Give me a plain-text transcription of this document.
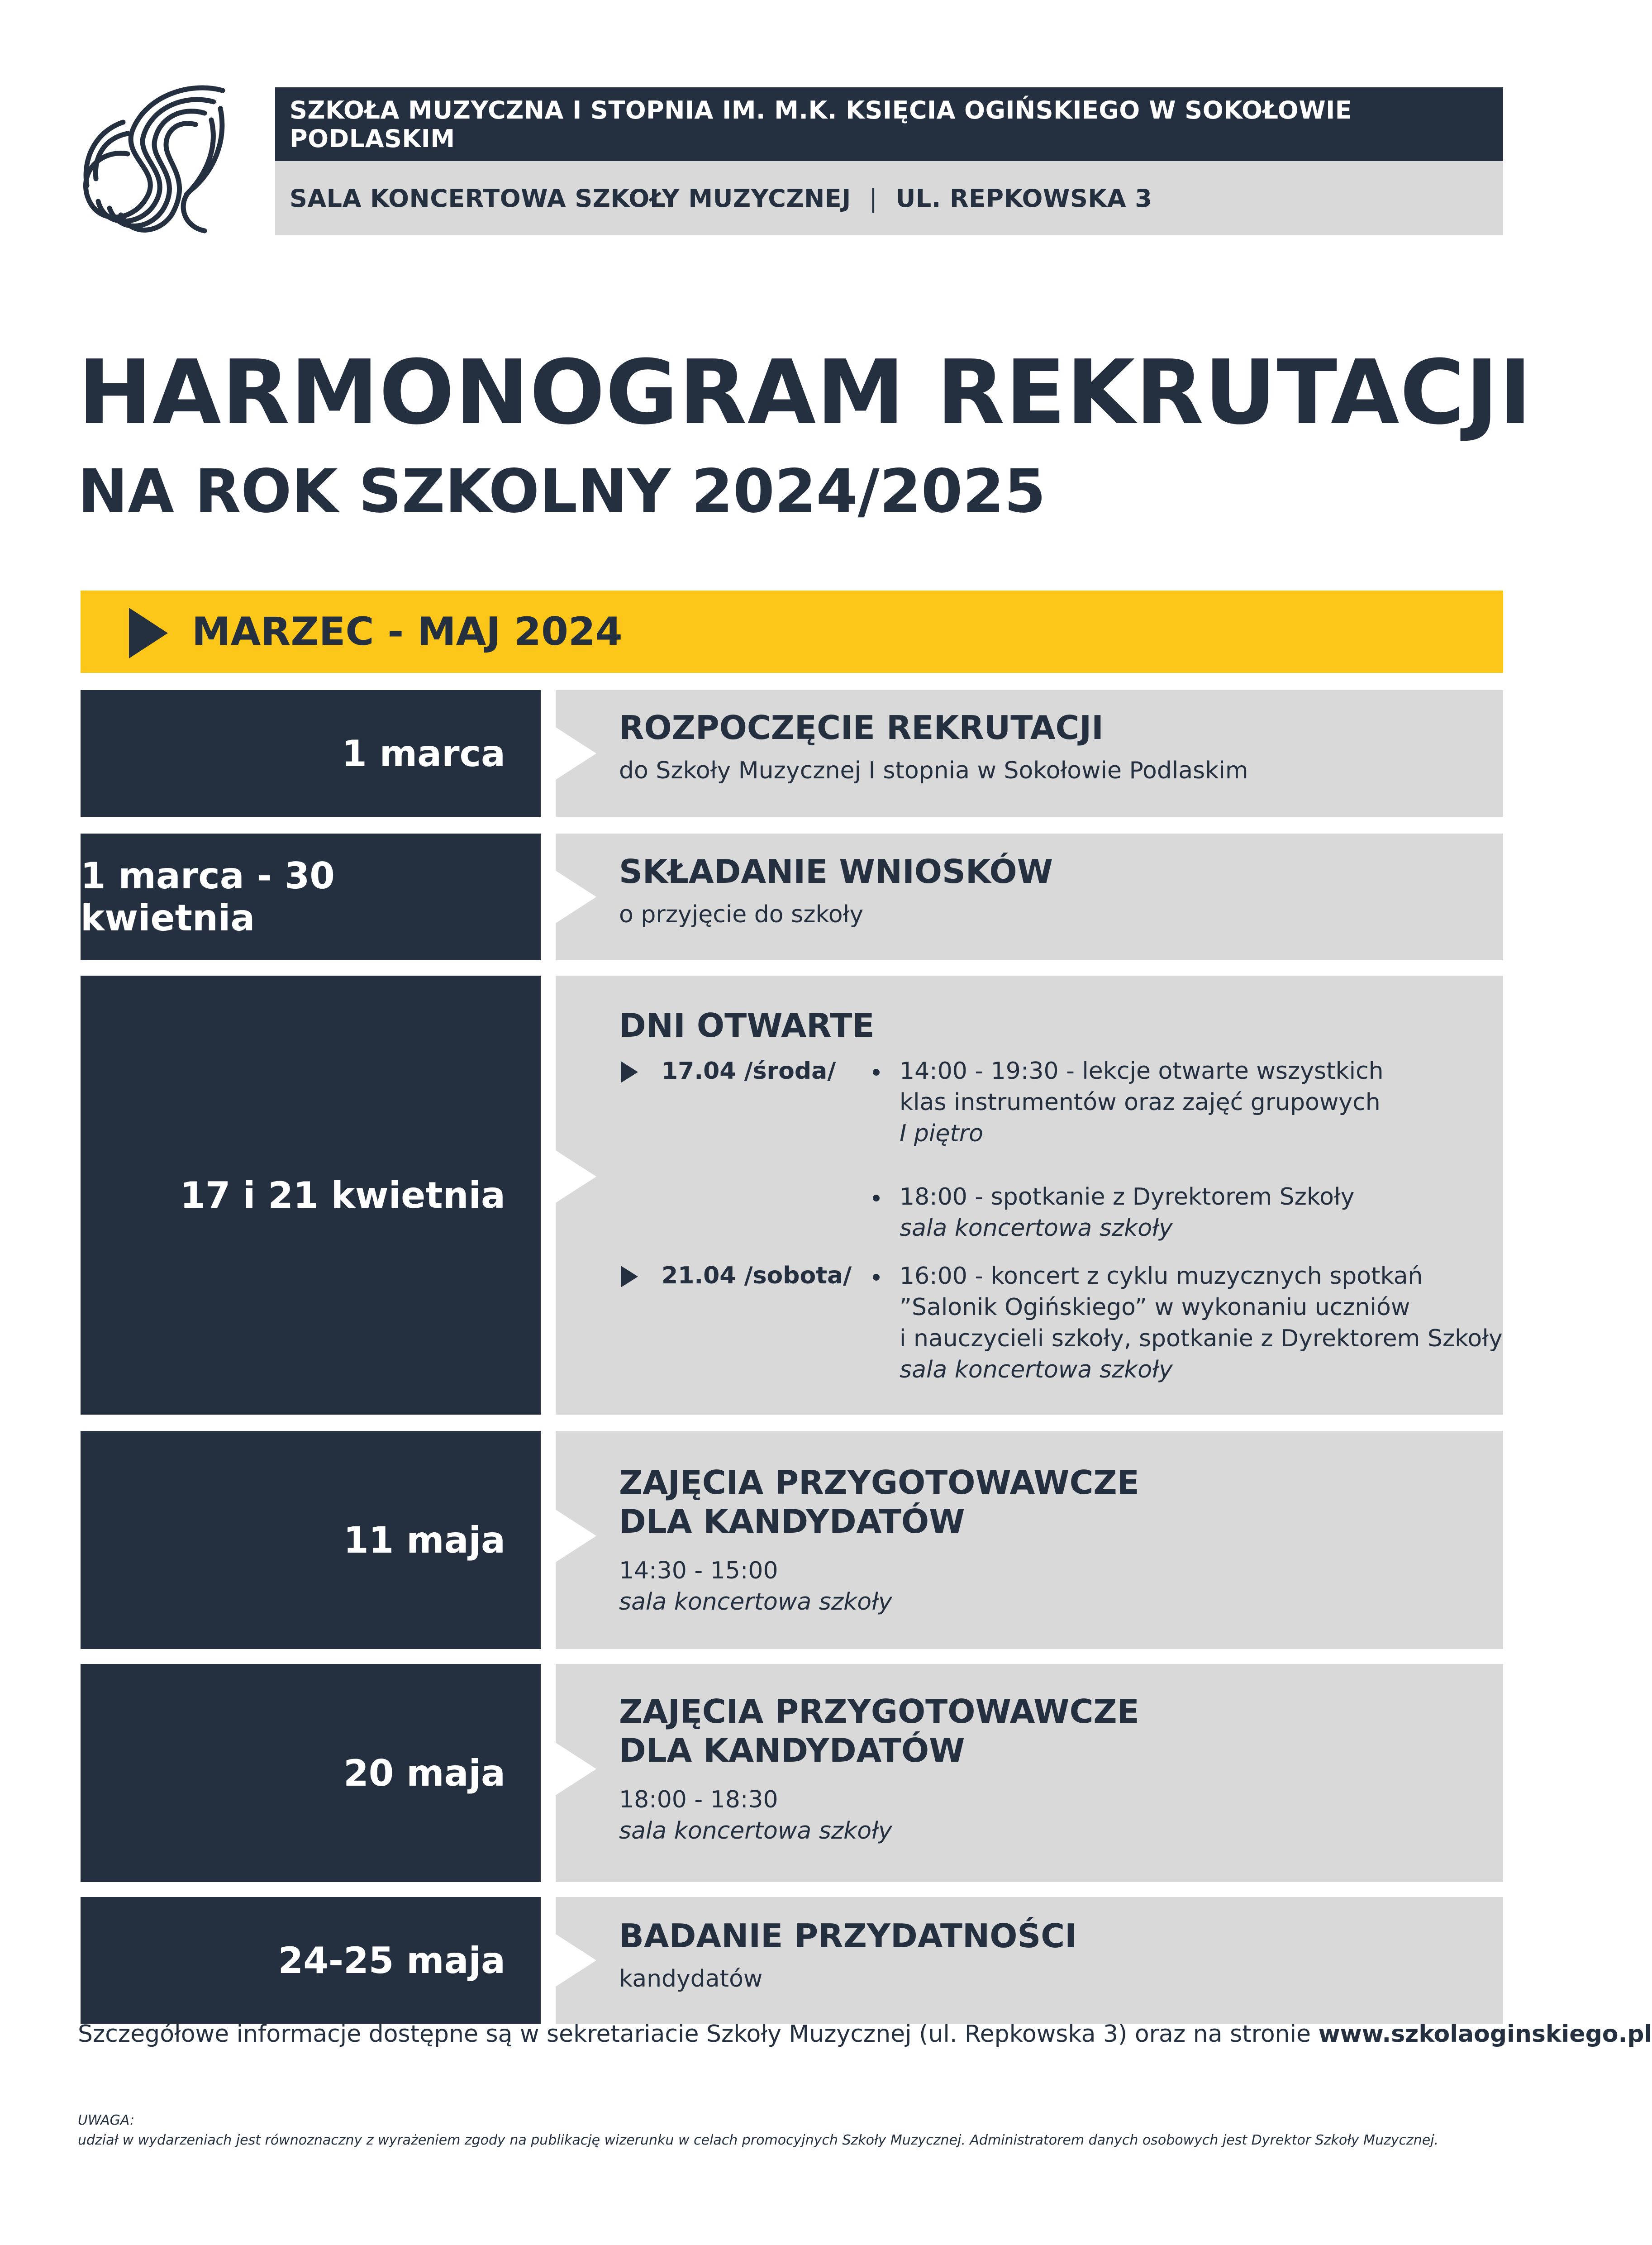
SZKOŁA MUZYCZNA I STOPNIA IM. M.K. KSIĘCIA OGIŃSKIEGO W SOKOŁOWIE PODLASKIM
SALA KONCERTOWA SZKOŁY MUZYCZNEJ | UL. REPKOWSKA 3
HARMONOGRAM REKRUTACJI
NA ROK SZKOLNY 2024/2025
MARZEC - MAJ 2024
1 marca
ROZPOCZĘCIE REKRUTACJI
do Szkoły Muzycznej I stopnia w Sokołowie Podlaskim
1 marca - 30 kwietnia
SKŁADANIE WNIOSKÓW
o przyjęcie do szkoły
17 i 21 kwietnia
DNI OTWARTE
17.04 /środa/	14:00 - 19:30 - lekcje otwarte wszystkich
klas instrumentów oraz zajęć grupowych
I piętro
18:00 - spotkanie z Dyrektorem Szkoły
sala koncertowa szkoły
21.04 /sobota/ 16:00 - koncert z cyklu muzycznych spotkań
”Salonik Ogińskiego” w wykonaniu uczniów
i nauczycieli szkoły, spotkanie z Dyrektorem Szkoły
sala koncertowa szkoły
11 maja
ZAJĘCIA PRZYGOTOWAWCZE
DLA KANDYDATÓW
14:30 - 15:00
sala koncertowa szkoły
20 maja
ZAJĘCIA PRZYGOTOWAWCZE
DLA KANDYDATÓW
18:00 - 18:30
sala koncertowa szkoły
24-25 maja
BADANIE PRZYDATNOŚCI
kandydatów
Szczegółowe informacje dostępne są w sekretariacie Szkoły Muzycznej (ul. Repkowska 3) oraz na stronie www.szkolaoginskiego.pl
UWAGA:
udział w wydarzeniach jest równoznaczny z wyrażeniem zgody na publikację wizerunku w celach promocyjnych Szkoły Muzycznej. Administratorem danych osobowych jest Dyrektor Szkoły Muzycznej.
